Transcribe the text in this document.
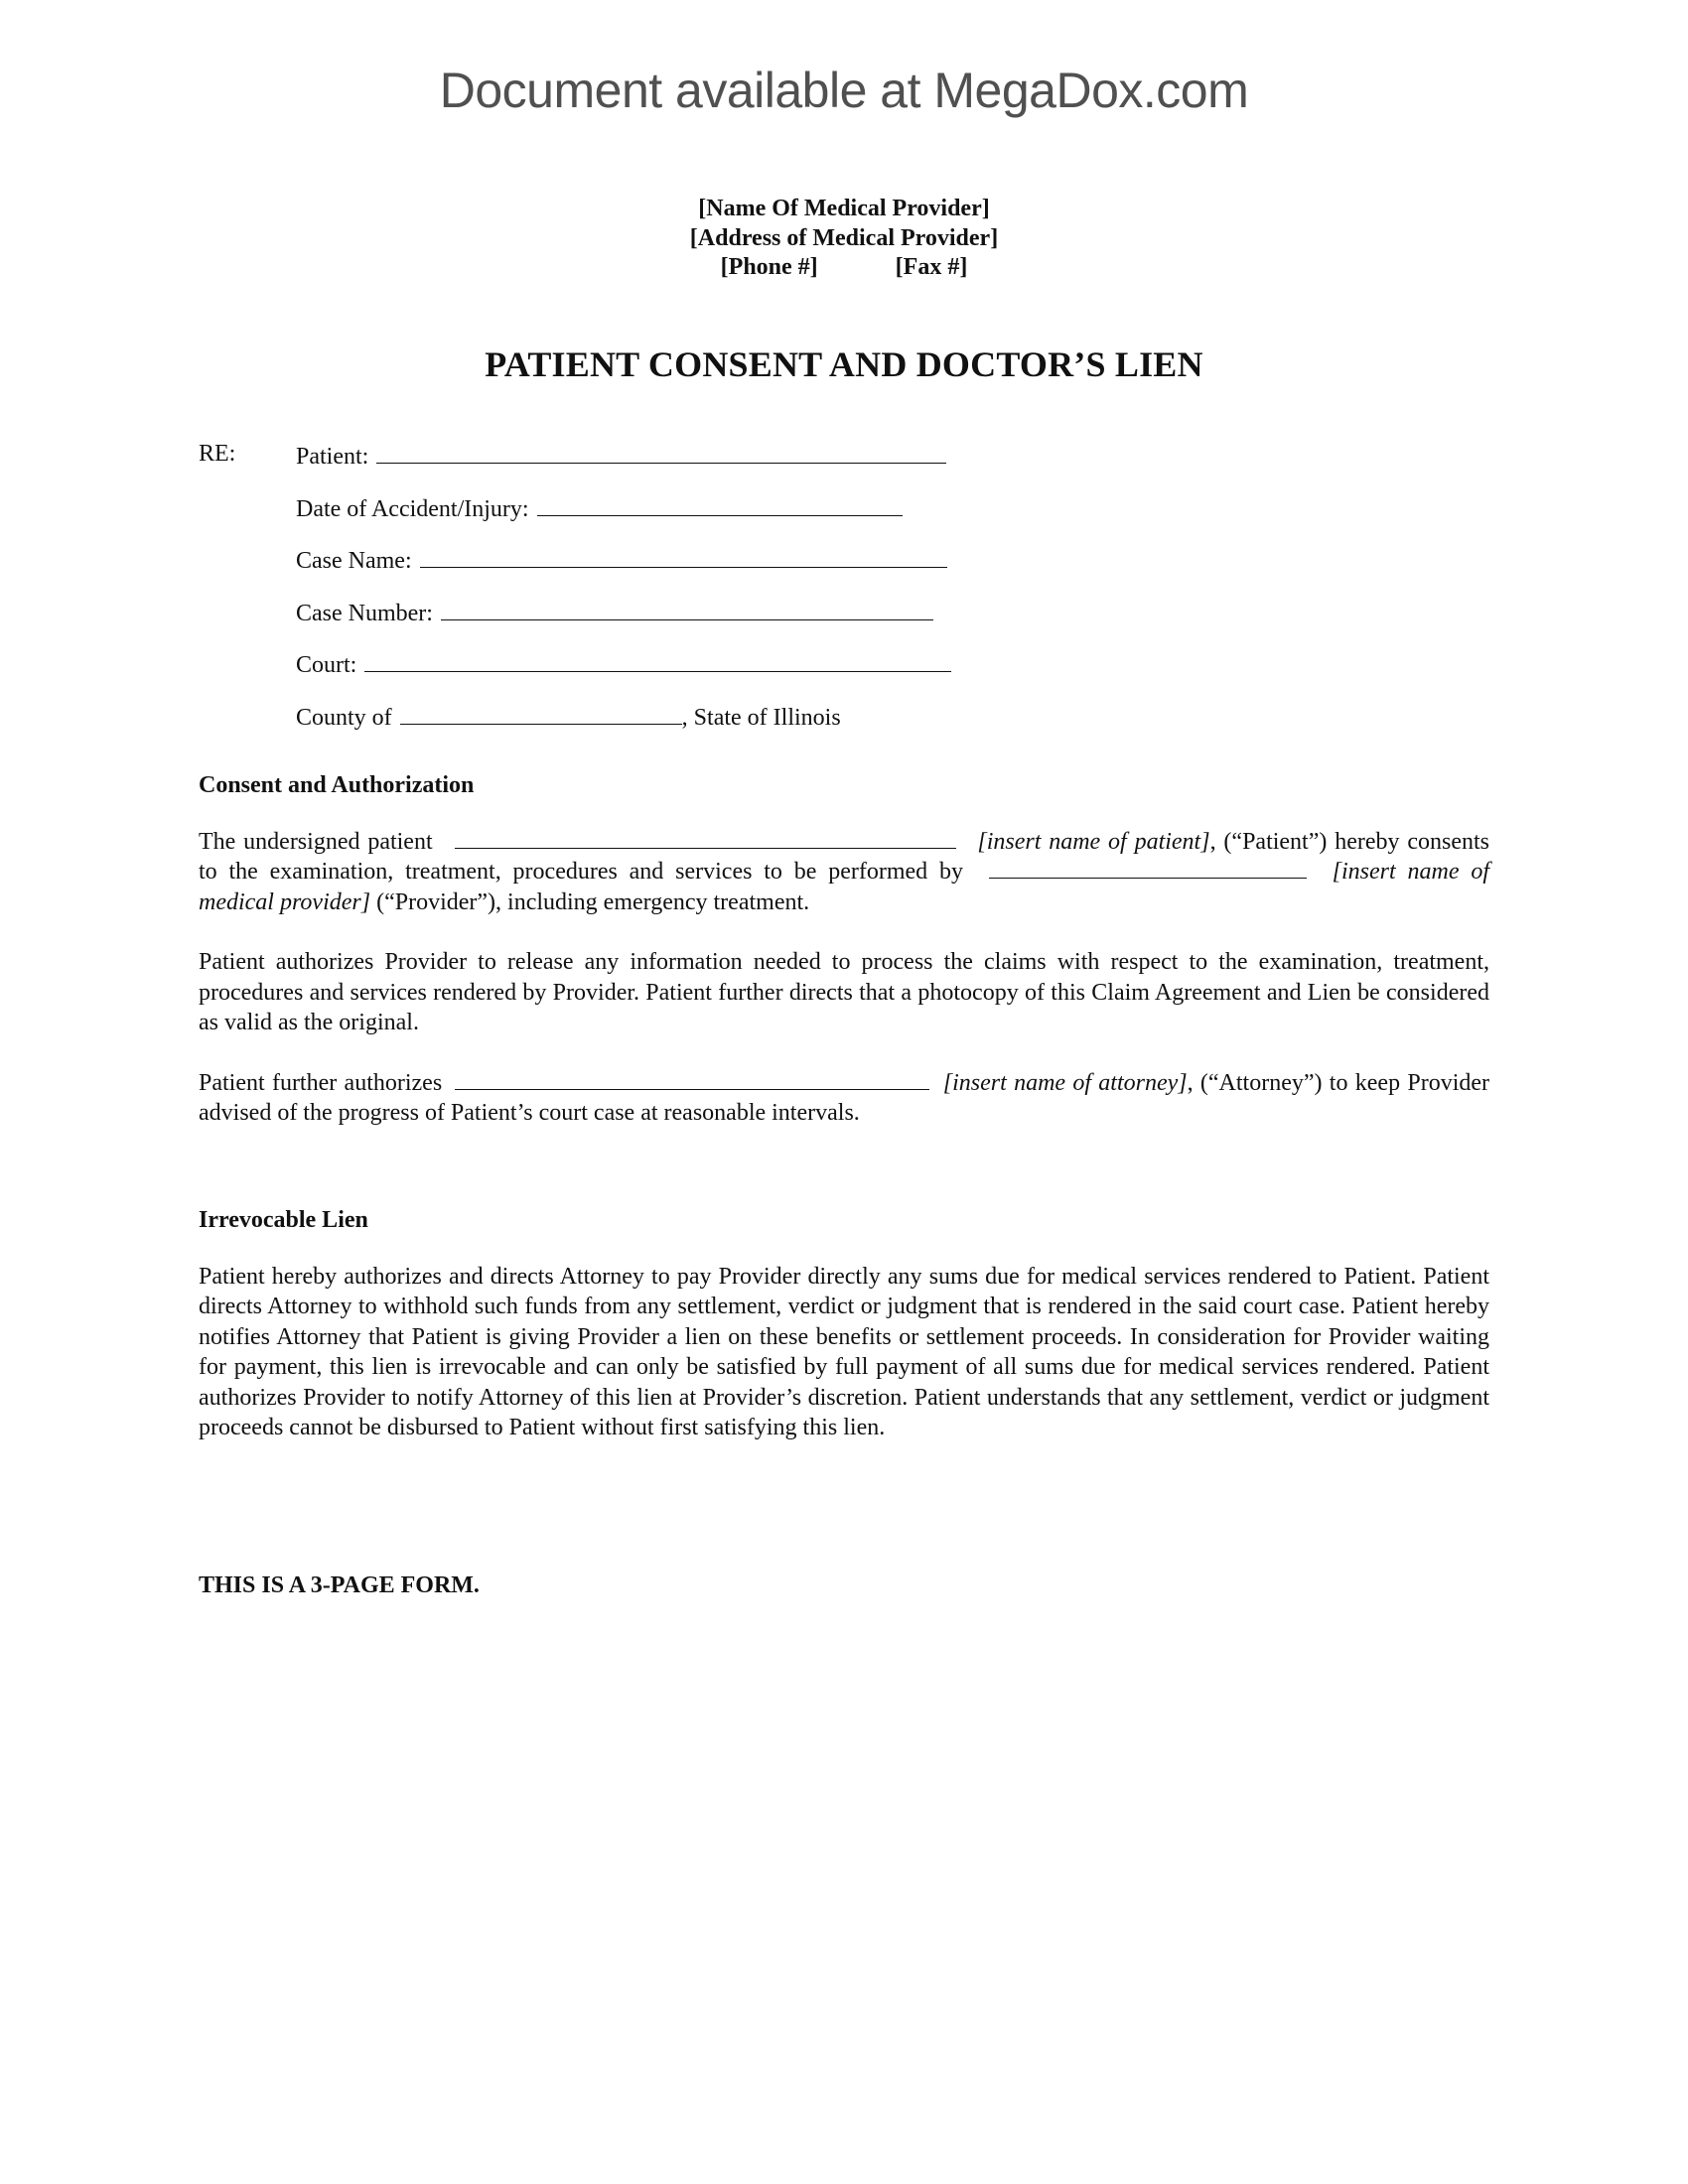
Document available at MegaDox.com
[Name Of Medical Provider]
[Address of Medical Provider]
[Phone #]	[Fax #]
PATIENT CONSENT AND DOCTOR’S LIEN
RE:	Patient:
Date of Accident/Injury:
Case Name:
Case Number:
Court:
County of	, State of Illinois
Consent and Authorization
The undersigned patient	[insert name of patient], (“Patient”) hereby consents to the examination, treatment, procedures and services to be performed by	[insert name of medical provider] (“Provider”), including emergency treatment.
Patient authorizes Provider to release any information needed to process the claims with respect to the examination, treatment, procedures and services rendered by Provider. Patient further directs that a photocopy of this Claim Agreement and Lien be considered as valid as the original.
Patient further authorizes	[insert name of attorney], (“Attorney”) to keep Provider advised of the progress of Patient’s court case at reasonable intervals.
Irrevocable Lien
Patient hereby authorizes and directs Attorney to pay Provider directly any sums due for medical services rendered to Patient. Patient directs Attorney to withhold such funds from any settlement, verdict or judgment that is rendered in the said court case. Patient hereby notifies Attorney that Patient is giving Provider a lien on these benefits or settlement proceeds. In consideration for Provider waiting for payment, this lien is irrevocable and can only be satisfied by full payment of all sums due for medical services rendered. Patient authorizes Provider to notify Attorney of this lien at Provider’s discretion. Patient understands that any settlement, verdict or judgment proceeds cannot be disbursed to Patient without first satisfying this lien.
THIS IS A 3-PAGE FORM.
